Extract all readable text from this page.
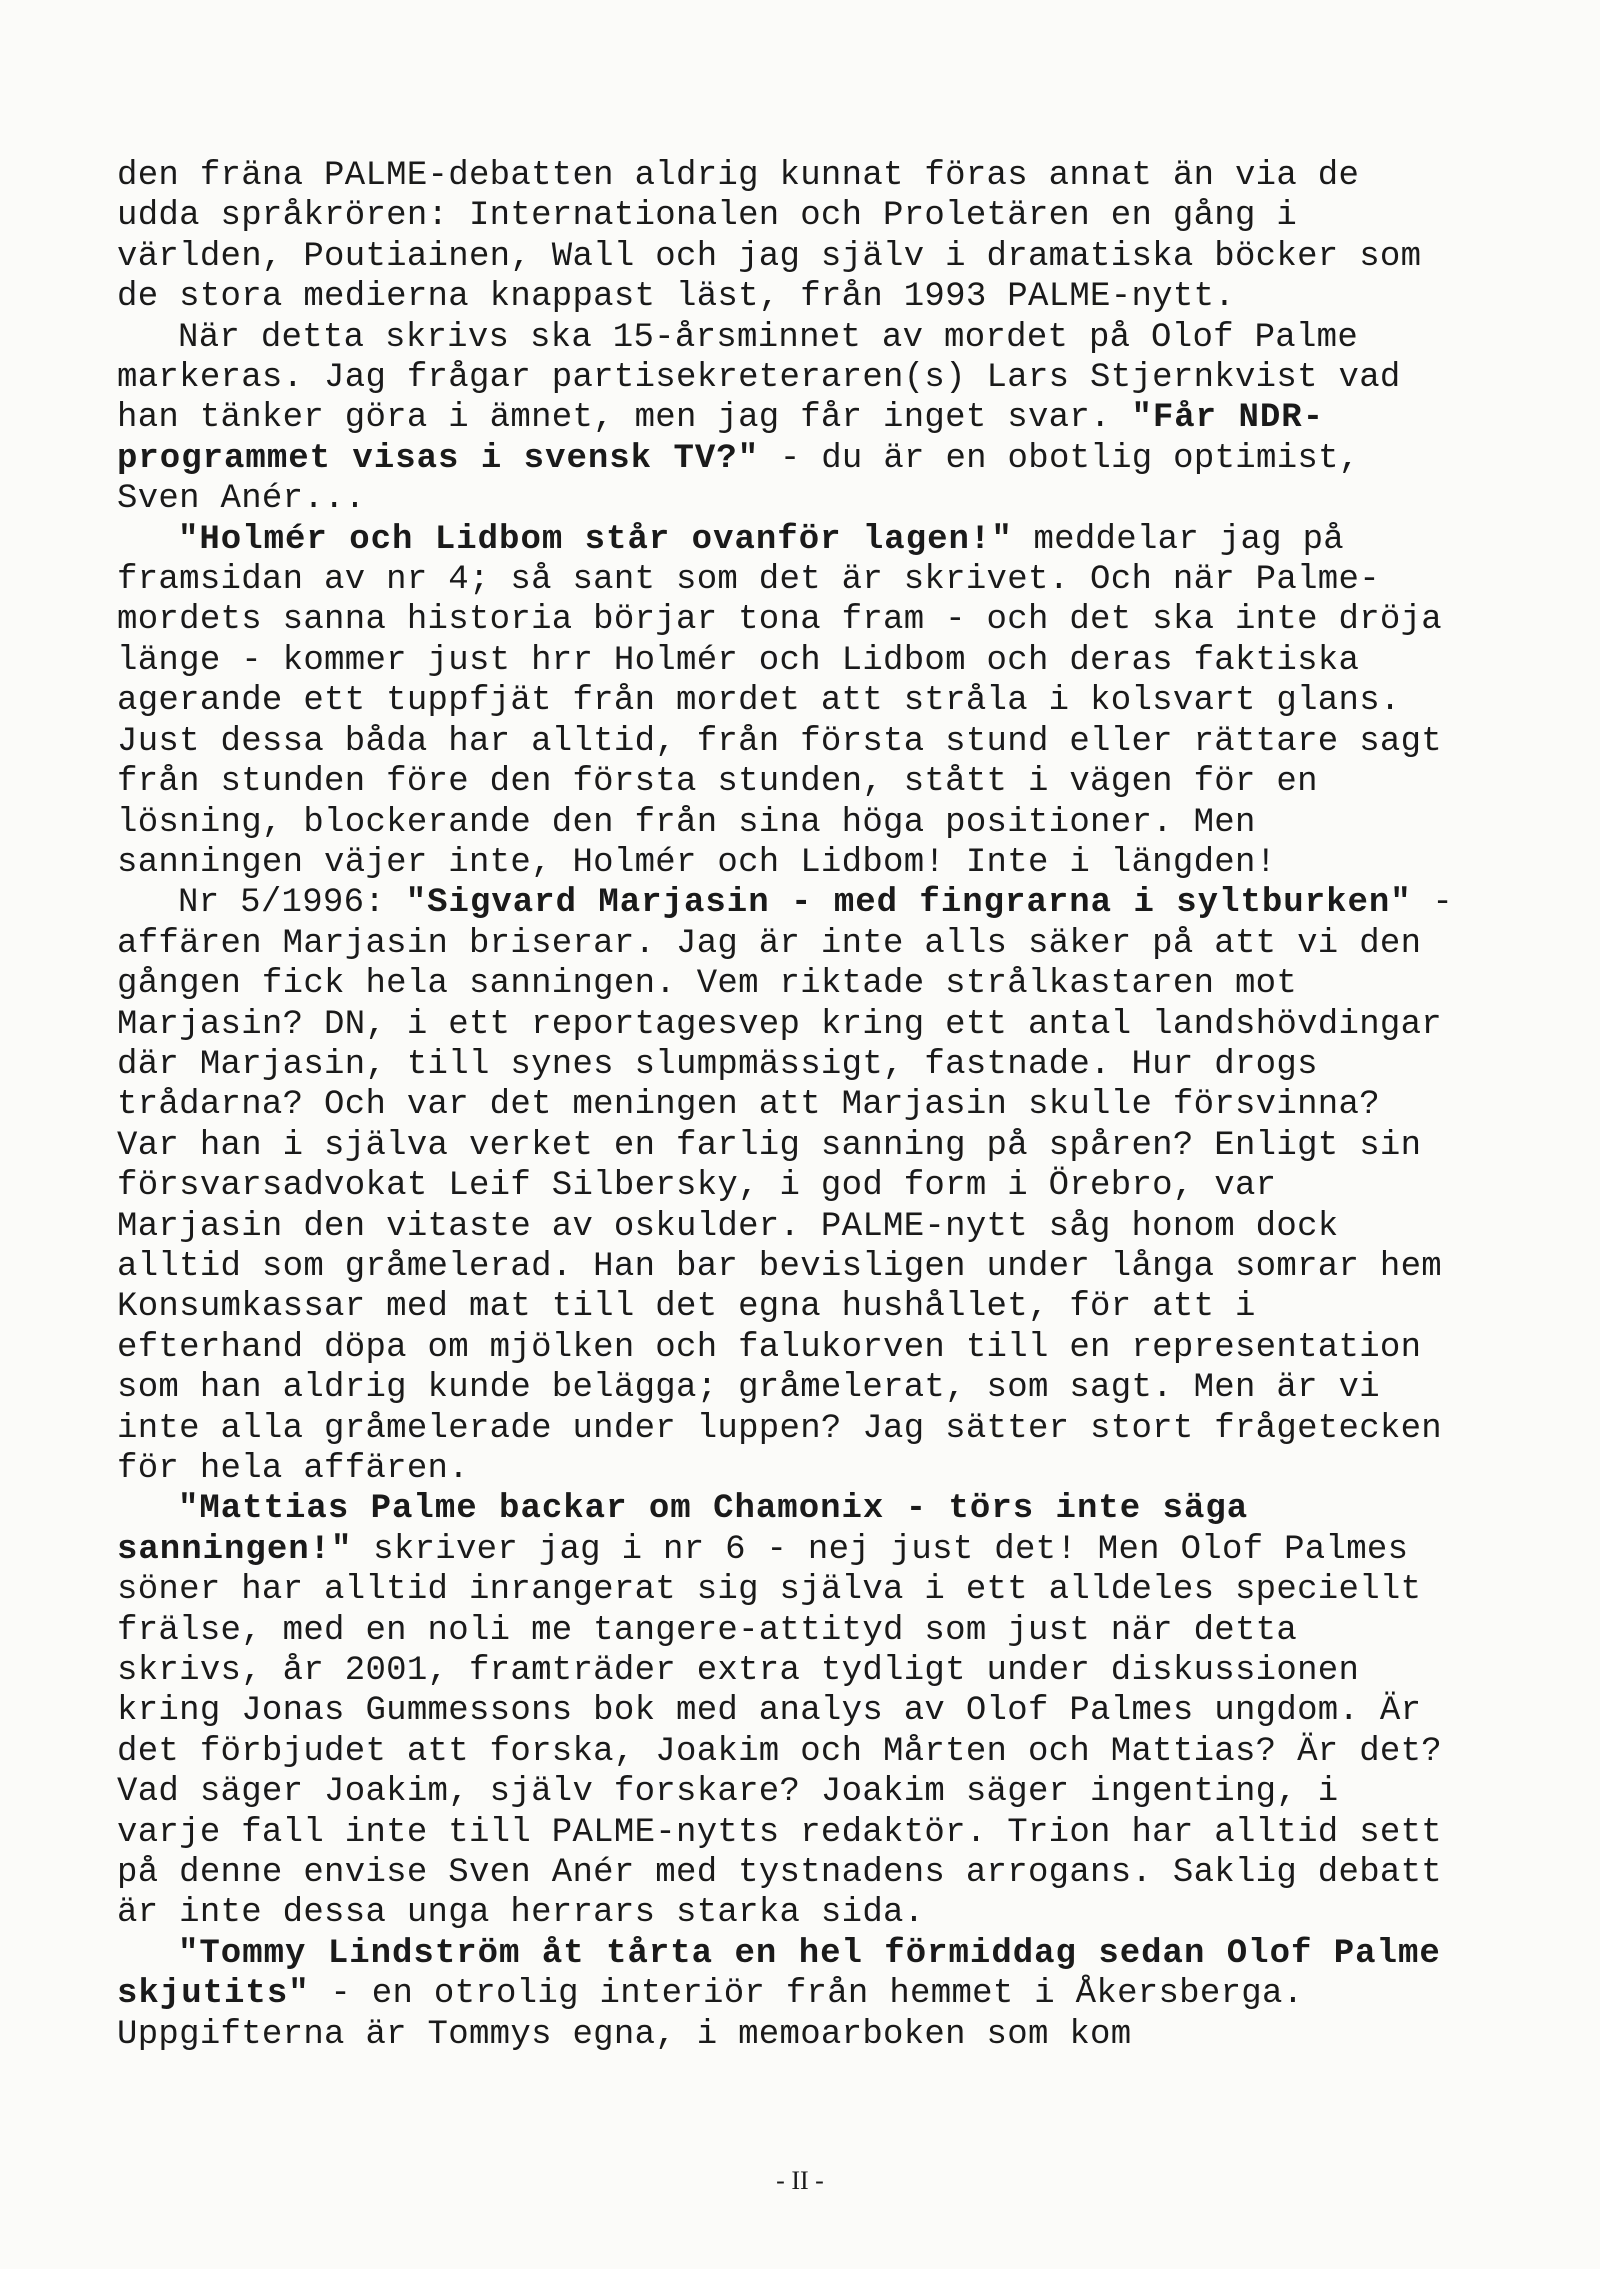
den fräna PALME-debatten aldrig kunnat föras annat än via de udda språkrören: Internationalen och Proletären en gång i världen, Poutiainen, Wall och jag själv i dramatiska böcker som de stora medierna knappast läst, från 1993 PALME-nytt.

När detta skrivs ska 15-årsminnet av mordet på Olof Palme markeras. Jag frågar partisekreteraren(s) Lars Stjernkvist vad han tänker göra i ämnet, men jag får inget svar. "Får NDR-programmet visas i svensk TV?" - du är en obotlig optimist, Sven Anér...

"Holmér och Lidbom står ovanför lagen!" meddelar jag på framsidan av nr 4; så sant som det är skrivet. Och när Palme-mordets sanna historia börjar tona fram - och det ska inte dröja länge - kommer just hrr Holmér och Lidbom och deras faktiska agerande ett tuppfjät från mordet att stråla i kolsvart glans. Just dessa båda har alltid, från första stund eller rättare sagt från stunden före den första stunden, stått i vägen för en lösning, blockerande den från sina höga positioner. Men sanningen väjer inte, Holmér och Lidbom! Inte i längden!

Nr 5/1996: "Sigvard Marjasin - med fingrarna i syltburken" - affären Marjasin briserar. Jag är inte alls säker på att vi den gången fick hela sanningen. Vem riktade strålkastaren mot Marjasin? DN, i ett reportagesvep kring ett antal landshövdingar där Marjasin, till synes slumpmässigt, fastnade. Hur drogs trådarna? Och var det meningen att Marjasin skulle försvinna? Var han i själva verket en farlig sanning på spåren? Enligt sin försvarsadvokat Leif Silbersky, i god form i Örebro, var Marjasin den vitaste av oskulder. PALME-nytt såg honom dock alltid som gråmelerad. Han bar bevisligen under långa somrar hem Konsumkassar med mat till det egna hushållet, för att i efterhand döpa om mjölken och falukorven till en representation som han aldrig kunde belägga; gråmelerat, som sagt. Men är vi inte alla gråmelerade under luppen? Jag sätter stort frågetecken för hela affären.

"Mattias Palme backar om Chamonix - törs inte säga sanningen!" skriver jag i nr 6 - nej just det! Men Olof Palmes söner har alltid inrangerat sig själva i ett alldeles speciellt frälse, med en noli me tangere-attityd som just när detta skrivs, år 2001, framträder extra tydligt under diskussionen kring Jonas Gummessons bok med analys av Olof Palmes ungdom. Är det förbjudet att forska, Joakim och Mårten och Mattias? Är det? Vad säger Joakim, själv forskare? Joakim säger ingenting, i varje fall inte till PALME-nytts redaktör. Trion har alltid sett på denne envise Sven Anér med tystnadens arrogans. Saklig debatt är inte dessa unga herrars starka sida.

"Tommy Lindström åt tårta en hel förmiddag sedan Olof Palme skjutits" - en otrolig interiör från hemmet i Åkersberga. Uppgifterna är Tommys egna, i memoarboken som kom

- II -
